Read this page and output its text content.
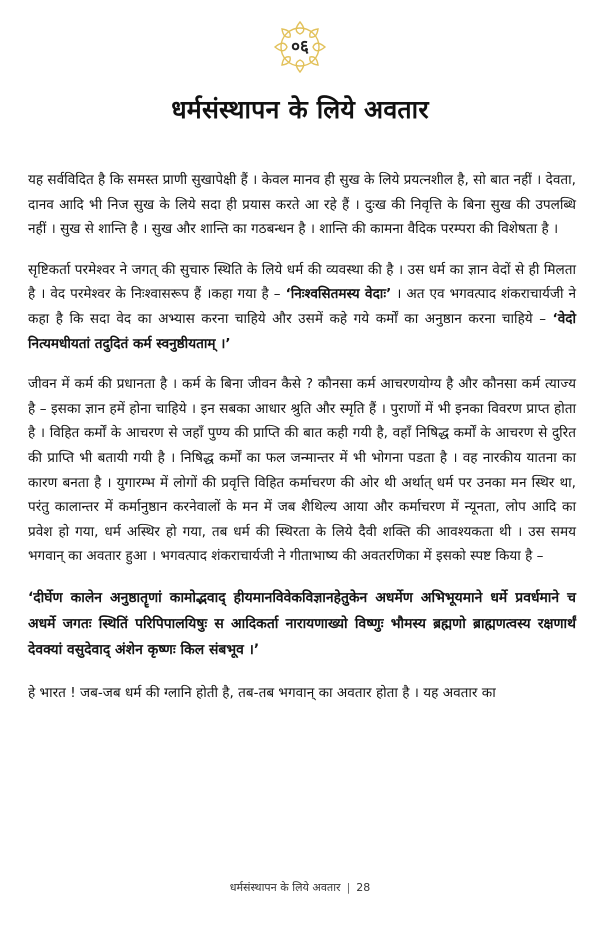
०६
धर्मसंस्थापन के लिये अवतार

यह सर्वविदित है कि समस्त प्राणी सुखापेक्षी हैं । केवल मानव ही सुख के लिये प्रयत्नशील है, सो बात नहीं । देवता, दानव आदि भी निज सुख के लिये सदा ही प्रयास करते आ रहे हैं । दुःख की निवृत्ति के बिना सुख की उपलब्धि नहीं । सुख से शान्ति है । सुख और शान्ति का गठबन्धन है । शान्ति की कामना वैदिक परम्परा की विशेषता है ।

सृष्टिकर्ता परमेश्वर ने जगत् की सुचारु स्थिति के लिये धर्म की व्यवस्था की है । उस धर्म का ज्ञान वेदों से ही मिलता है । वेद परमेश्वर के निःश्वासरूप हैं ।कहा गया है – ‘निःश्वसितमस्य वेदाः’ । अत एव भगवत्पाद शंकराचार्यजी ने कहा है कि सदा वेद का अभ्यास करना चाहिये और उसमें कहे गये कर्मों का अनुष्ठान करना चाहिये – ‘वेदो नित्यमधीयतां तदुदितं कर्म स्वनुष्ठीयताम् ।’

जीवन में कर्म की प्रधानता है । कर्म के बिना जीवन कैसे ? कौनसा कर्म आचरणयोग्य है और कौनसा कर्म त्याज्य है – इसका ज्ञान हमें होना चाहिये । इन सबका आधार श्रुति और स्मृति हैं । पुराणों में भी इनका विवरण प्राप्त होता है । विहित कर्मों के आचरण से जहाँ पुण्य की प्राप्ति की बात कही गयी है, वहाँ निषिद्ध कर्मों के आचरण से दुरित की प्राप्ति भी बतायी गयी है । निषिद्ध कर्मों का फल जन्मान्तर में भी भोगना पडता है । वह नारकीय यातना का कारण बनता है । युगारम्भ में लोगों की प्रवृत्ति विहित कर्माचरण की ओर थी अर्थात् धर्म पर उनका मन स्थिर था, परंतु कालान्तर में कर्मानुष्ठान करनेवालों के मन में जब शैथिल्य आया और कर्माचरण में न्यूनता, लोप आदि का प्रवेश हो गया, धर्म अस्थिर हो गया, तब धर्म की स्थिरता के लिये दैवी शक्ति की आवश्यकता थी । उस समय भगवान् का अवतार हुआ । भगवत्पाद शंकराचार्यजी ने गीताभाष्य की अवतरणिका में इसको स्पष्ट किया है –

‘दीर्घेण कालेन अनुष्ठातॄणां कामोद्भवाद् हीयमानविवेकविज्ञानहेतुकेन अधर्मेण अभिभूयमाने धर्मे प्रवर्धमाने च अधर्मे जगतः स्थितिं परिपिपालयिषुः स आदिकर्ता नारायणाख्यो विष्णुः भौमस्य ब्रह्मणो ब्राह्मणत्वस्य रक्षणार्थं देवक्यां वसुदेवाद् अंशेन कृष्णः किल संबभूव ।’

हे भारत ! जब-जब धर्म की ग्लानि होती है, तब-तब भगवान् का अवतार होता है । यह अवतार का

धर्मसंस्थापन के लिये अवतार | 28
